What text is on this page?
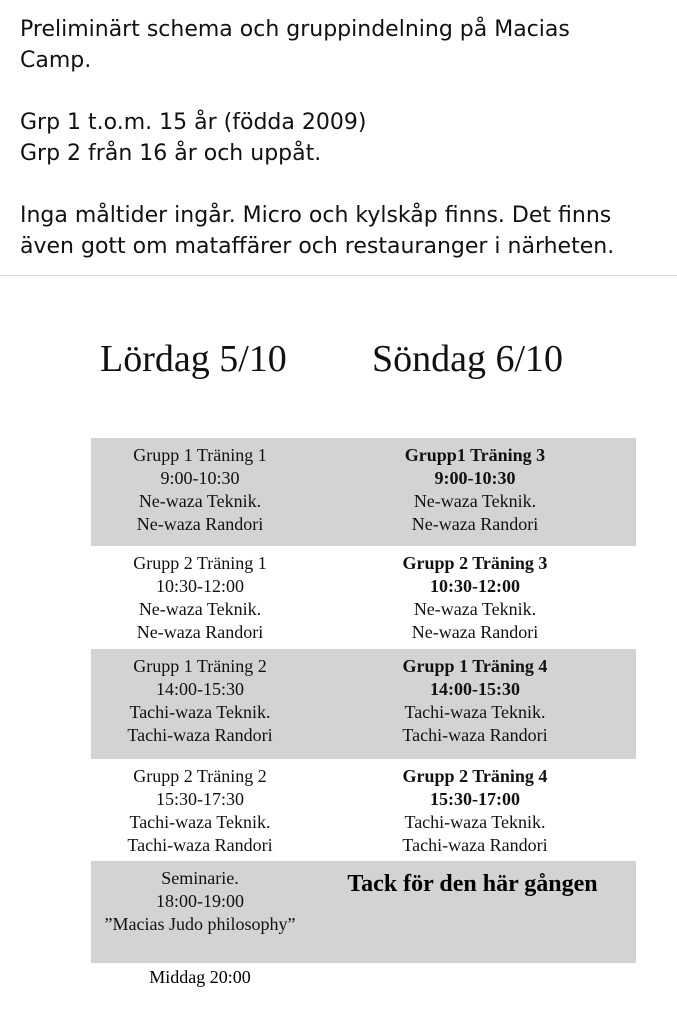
Preliminärt schema och gruppindelning på Macias

Camp.

Grp 1 t.o.m. 15 år (födda 2009)

Grp 2 från 16 år och uppåt.

Inga måltider ingår. Micro och kylskåp finns. Det finns

även gott om mataffärer och restauranger i närheten.

Lördag 5/10 Söndag 6/10
Grupp 1 Träning 1
9:00-10:30
Ne-waza Teknik.
Ne-waza Randori
Grupp1 Träning 3
9:00-10:30
Ne-waza Teknik.
Ne-waza Randori
Grupp 2 Träning 1
10:30-12:00
Ne-waza Teknik.
Ne-waza Randori
Grupp 2 Träning 3
10:30-12:00
Ne-waza Teknik.
Ne-waza Randori
Grupp 1 Träning 2
14:00-15:30
Tachi-waza Teknik.
Tachi-waza Randori
Grupp 1 Träning 4
14:00-15:30
Tachi-waza Teknik.
Tachi-waza Randori
Grupp 2 Träning 2
15:30-17:30
Tachi-waza Teknik.
Tachi-waza Randori
Grupp 2 Träning 4
15:30-17:00
Tachi-waza Teknik.
Tachi-waza Randori
Seminarie.
18:00-19:00
”Macias Judo philosophy”
Tack för den här gången
Middag 20:00
